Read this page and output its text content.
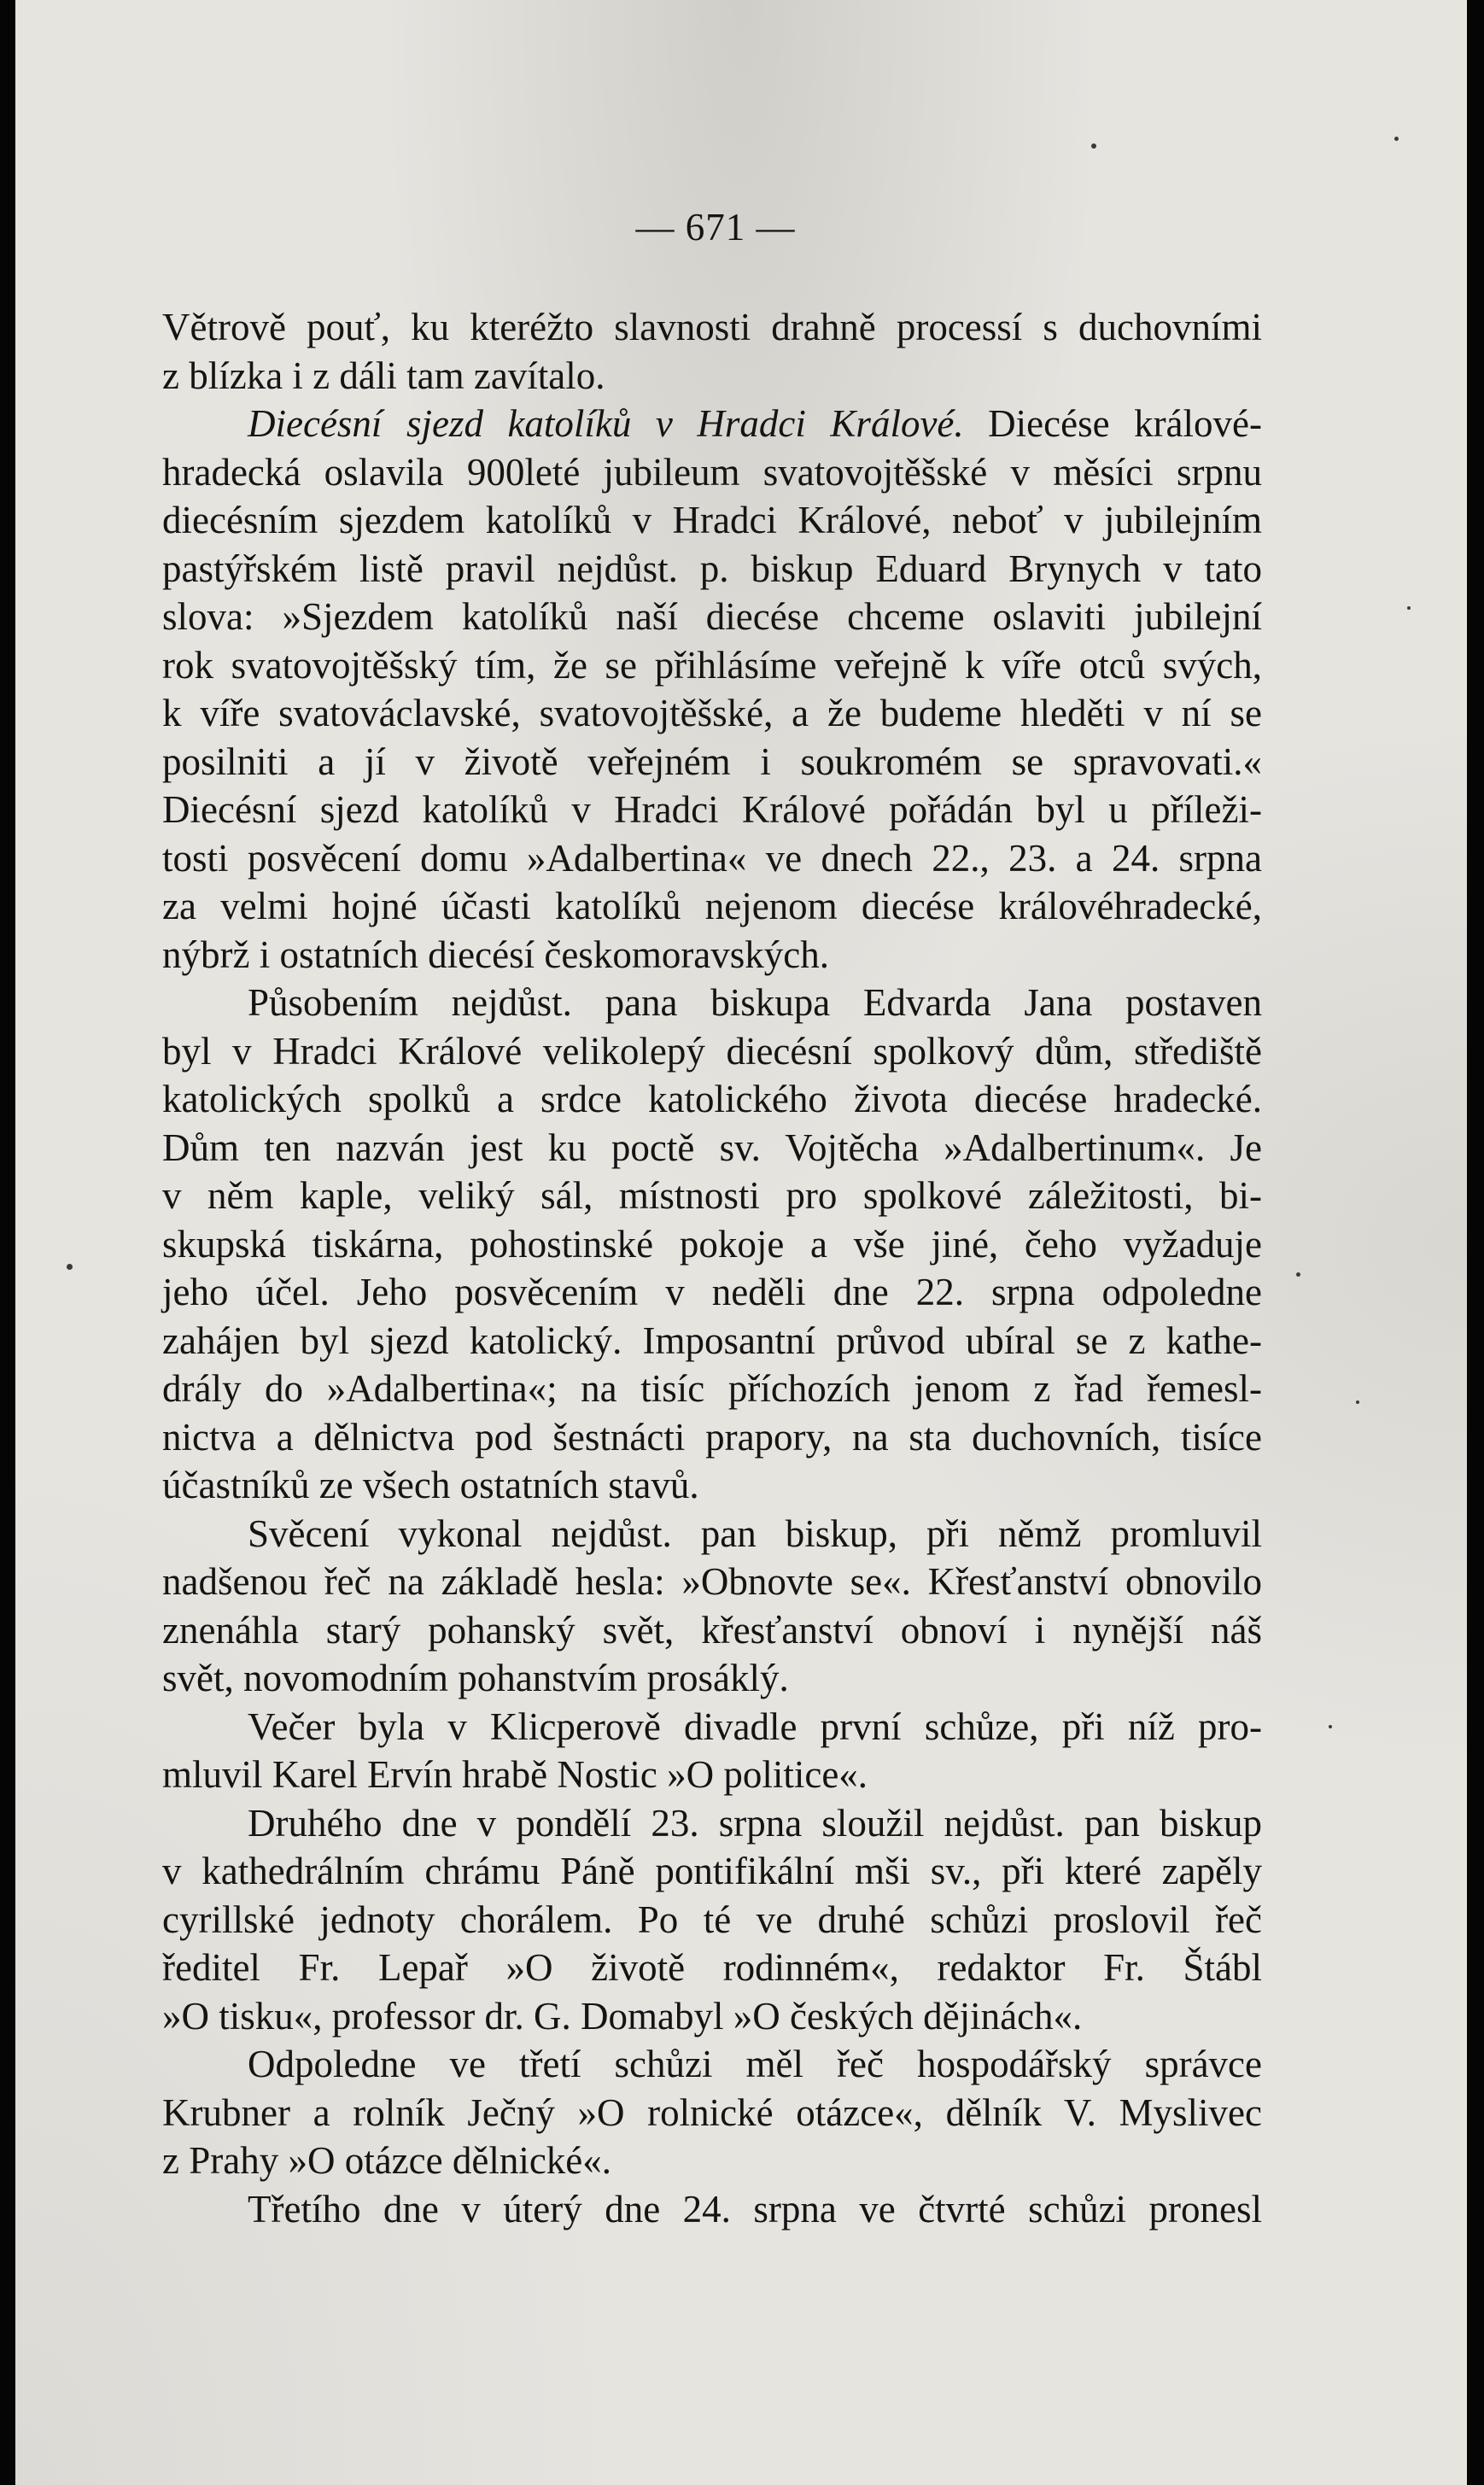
— 671 —
Větrově pouť, ku kteréžto slavnosti drahně processí s duchovními
z blízka i z dáli tam zavítalo.
Diecésní sjezd katolíků v Hradci Králové. Diecése králové-
hradecká oslavila 900leté jubileum svatovojtěšské v měsíci srpnu
diecésním sjezdem katolíků v Hradci Králové, neboť v jubilejním
pastýřském listě pravil nejdůst. p. biskup Eduard Brynych v tato
slova: »Sjezdem katolíků naší diecése chceme oslaviti jubilejní
rok svatovojtěšský tím, že se přihlásíme veřejně k víře otců svých,
k víře svatováclavské, svatovojtěšské, a že budeme hleděti v ní se
posilniti a jí v životě veřejném i soukromém se spravovati.«
Diecésní sjezd katolíků v Hradci Králové pořádán byl u příleži-
tosti posvěcení domu »Adalbertina« ve dnech 22., 23. a 24. srpna
za velmi hojné účasti katolíků nejenom diecése královéhradecké,
nýbrž i ostatních diecésí českomoravských.
Působením nejdůst. pana biskupa Edvarda Jana postaven
byl v Hradci Králové velikolepý diecésní spolkový dům, střediště
katolických spolků a srdce katolického života diecése hradecké.
Dům ten nazván jest ku poctě sv. Vojtěcha »Adalbertinum«. Je
v něm kaple, veliký sál, místnosti pro spolkové záležitosti, bi-
skupská tiskárna, pohostinské pokoje a vše jiné, čeho vyžaduje
jeho účel. Jeho posvěcením v neděli dne 22. srpna odpoledne
zahájen byl sjezd katolický. Imposantní průvod ubíral se z kathe-
drály do »Adalbertina«; na tisíc příchozích jenom z řad řemesl-
nictva a dělnictva pod šestnácti prapory, na sta duchovních, tisíce
účastníků ze všech ostatních stavů.
Svěcení vykonal nejdůst. pan biskup, při němž promluvil
nadšenou řeč na základě hesla: »Obnovte se«. Křesťanství obnovilo
znenáhla starý pohanský svět, křesťanství obnoví i nynější náš
svět, novomodním pohanstvím prosáklý.
Večer byla v Klicperově divadle první schůze, při níž pro-
mluvil Karel Ervín hrabě Nostic »O politice«.
Druhého dne v pondělí 23. srpna sloužil nejdůst. pan biskup
v kathedrálním chrámu Páně pontifikální mši sv., při které zapěly
cyrillské jednoty chorálem. Po té ve druhé schůzi proslovil řeč
ředitel Fr. Lepař »O životě rodinném«, redaktor Fr. Štábl
»O tisku«, professor dr. G. Domabyl »O českých dějinách«.
Odpoledne ve třetí schůzi měl řeč hospodářský správce
Krubner a rolník Ječný »O rolnické otázce«, dělník V. Myslivec
z Prahy »O otázce dělnické«.
Třetího dne v úterý dne 24. srpna ve čtvrté schůzi pronesl
